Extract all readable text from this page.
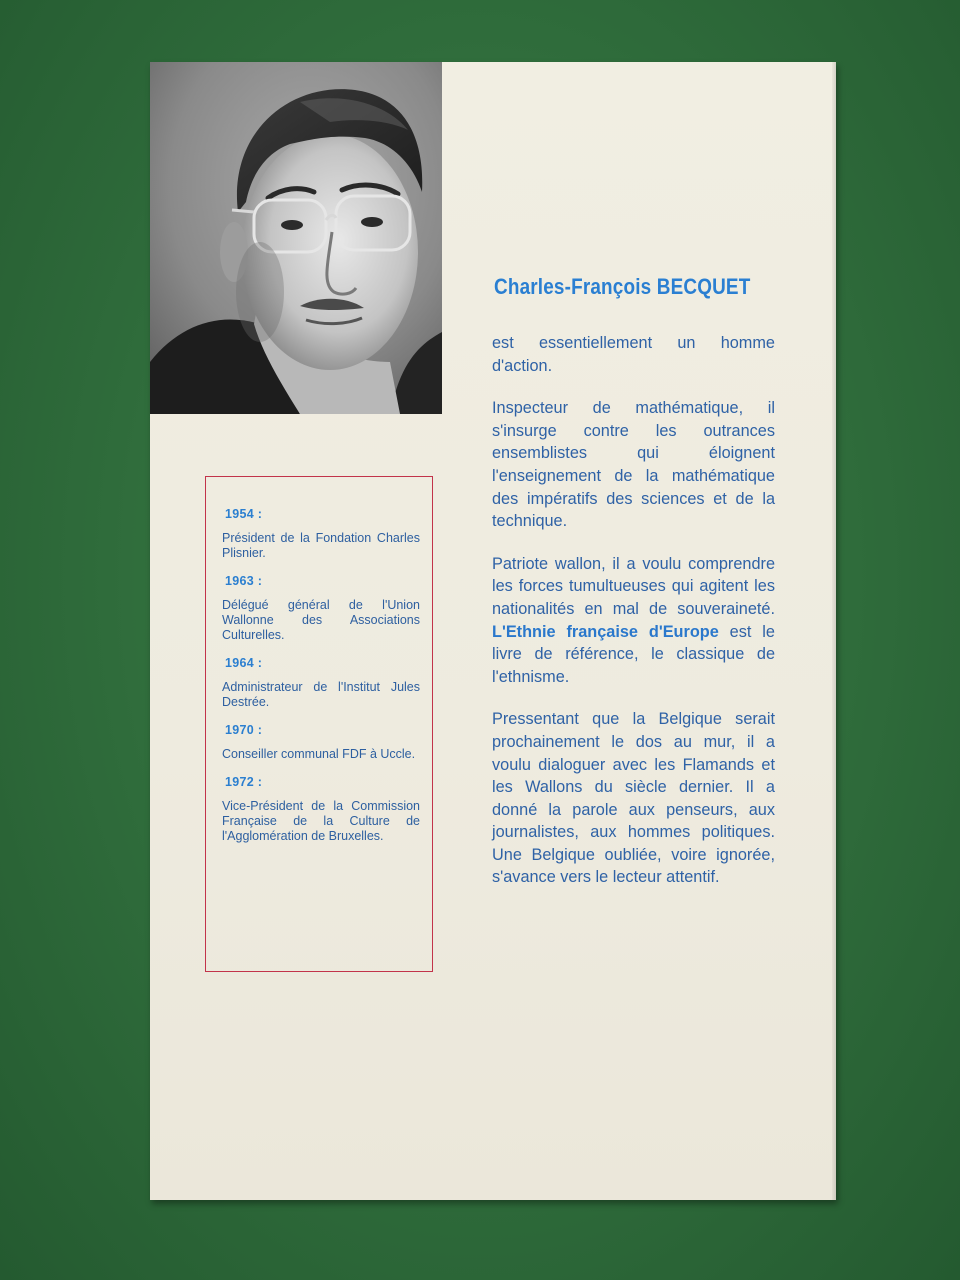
Charles-François BECQUET

est essentiellement un homme d'action.

Inspecteur de mathématique, il s'insurge contre les outrances ensemblistes qui éloignent l'enseignement de la mathématique des impératifs des sciences et de la technique.

Patriote wallon, il a voulu comprendre les forces tumultueuses qui agitent les nationalités en mal de souveraineté. L'Ethnie française d'Europe est le livre de référence, le classique de l'ethnisme.

Pressentant que la Belgique serait prochainement le dos au mur, il a voulu dialoguer avec les Flamands et les Wallons du siècle dernier. Il a donné la parole aux penseurs, aux journalistes, aux hommes politiques. Une Belgique oubliée, voire ignorée, s'avance vers le lecteur attentif.

1954 :

Président de la Fondation Charles Plisnier.

1963 :

Délégué général de l'Union Wallonne des Associations Culturelles.

1964 :

Administrateur de l'Institut Jules Destrée.

1970 :

Conseiller communal FDF à Uccle.

1972 :

Vice-Président de la Commission Française de la Culture de l'Agglomération de Bruxelles.
